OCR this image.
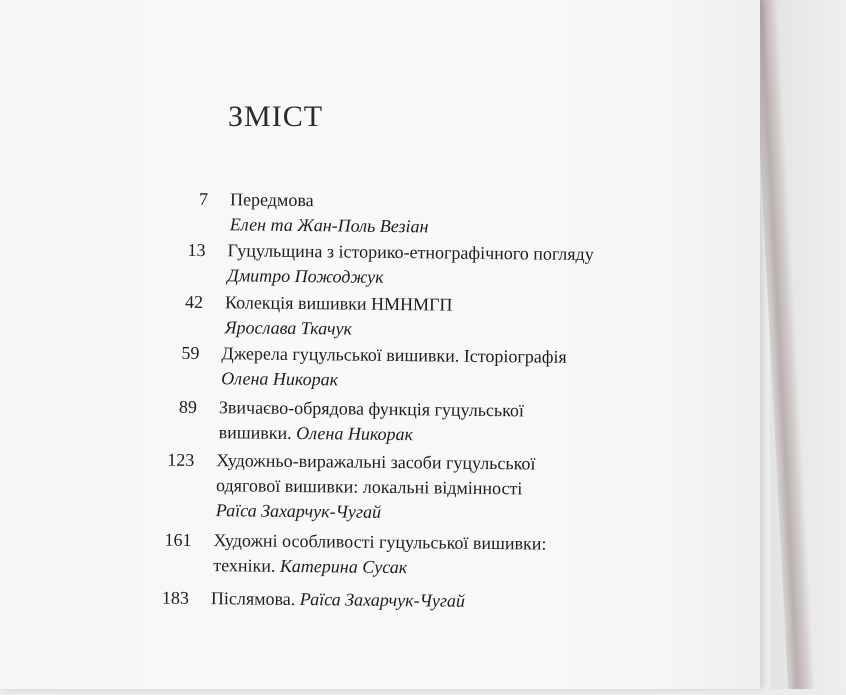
ЗМІСТ
7 Передмова
Елен та Жан-Поль Везіан
13 Гуцульщина з історико-етнографічного погляду
Дмитро Пожоджук
42 Колекція вишивки НМНМГП
Ярослава Ткачук
59 Джерела гуцульської вишивки. Історіографія
Олена Никорак
89 Звичаєво-обрядова функція гуцульської
вишивки. Олена Никорак
123 Художньо-виражальні засоби гуцульської
одягової вишивки: локальні відмінності
Раїса Захарчук-Чугай
161 Художні особливості гуцульської вишивки:
техніки. Катерина Сусак
183 Післямова. Раїса Захарчук-Чугай
